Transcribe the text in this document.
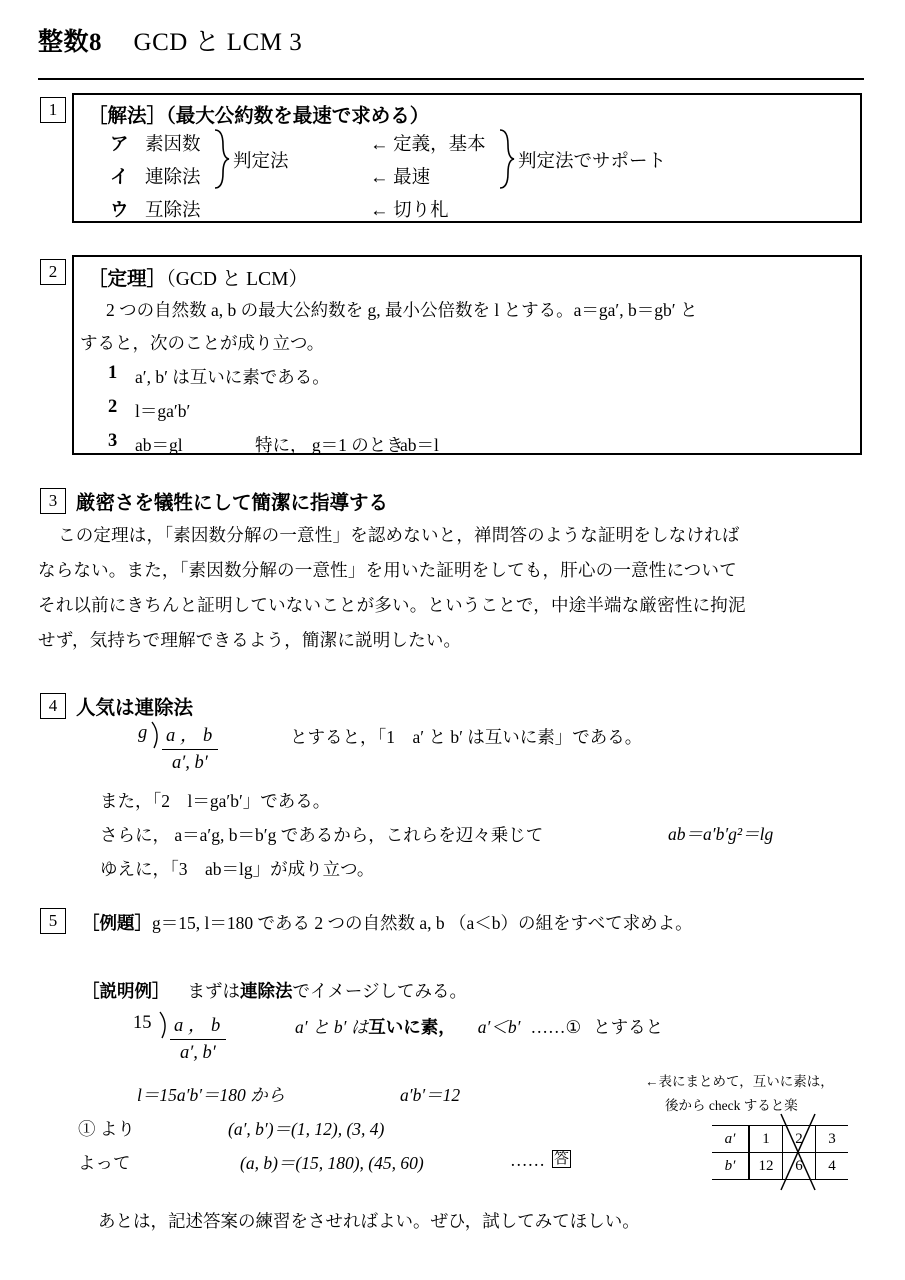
整数8 GCD と LCM 3
1	［解法］（最大公約数を最速で求める）
ア 素因数	← 定義，基本
イ 連除法	← 最速
ウ 互除法	← 切り札
判定法	判定法でサポート
2	［定理］（GCD と LCM）
2 つの自然数 a, b の最大公約数を g, 最小公倍数を l とする。a＝ga′, b＝gb′ と
すると，次のことが成り立つ。
1 a′, b′ は互いに素である。
2 l＝ga′b′
3 ab＝gl	特に， g＝1 のとき
ab＝l
3 厳密さを犠牲にして簡潔に指導する
この定理は，「素因数分解の一意性」を認めないと，禅問答のような証明をしなければ
ならない。また，「素因数分解の一意性」を用いた証明をしても，肝心の一意性について
それ以前にきちんと証明していないことが多い。ということで，中途半端な厳密性に拘泥
せず，気持ちで理解できるよう，簡潔に説明したい。
4 人気は連除法
g a ， b
a′, b′
とすると，「1　a′ と b′ は互いに素」である。
また，「2　l＝ga′b′」である。
さらに， a＝a′g, b＝b′g であるから，これらを辺々乗じて	ab＝a′b′g²＝lg
ゆえに，「3　ab＝lg」が成り立つ。
5	［例題］g＝15, l＝180 である 2 つの自然数 a, b （a＜b）の組をすべて求めよ。
［説明例］ まずは連除法でイメージしてみる。
15 a ， b
a′, b′
a′ と b′ は互いに素， a′＜b′ ……① とすると
l＝15a′b′＝180 から	a′b′＝12
① より	(a′, b′)＝(1, 12), (3, 4)
よって	(a, b)＝(15, 180), (45, 60)	…… 答
あとは，記述答案の練習をさせればよい。ぜひ，試してみてほしい。
←表にまとめて，互いに素は，
後から check すると楽
a′	1	2	3
b′	12	6	4
